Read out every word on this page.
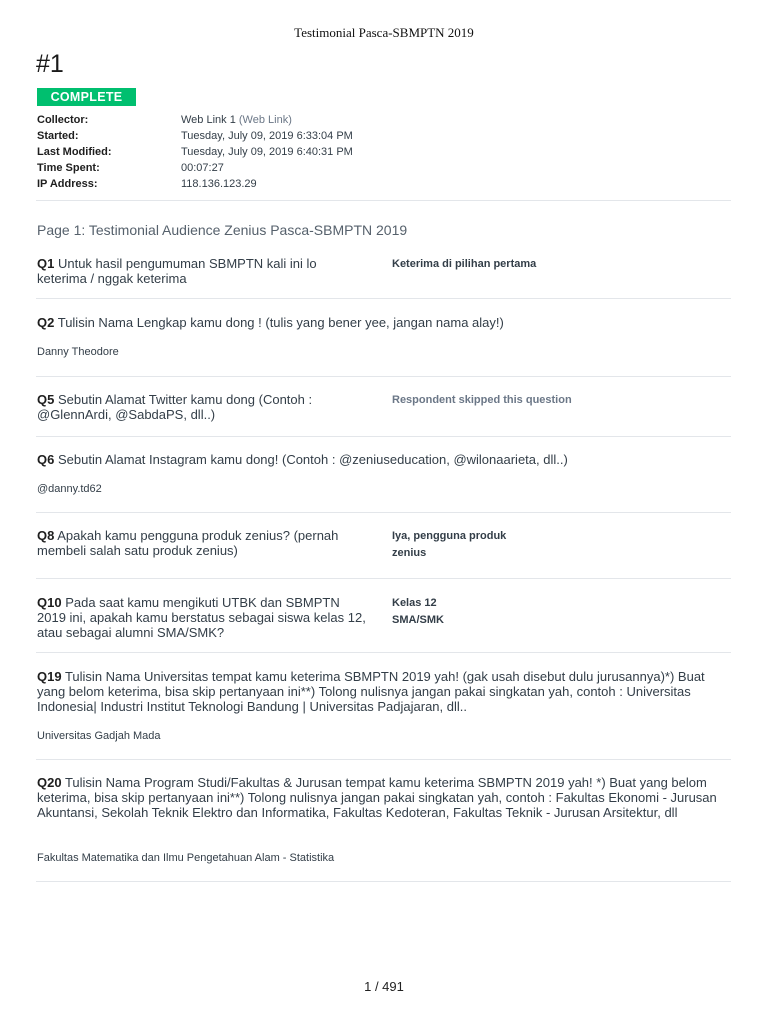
Testimonial Pasca-SBMPTN 2019
#1
COMPLETE
Collector:	Web Link 1 (Web Link)
Started:	Tuesday, July 09, 2019 6:33:04 PM
Last Modified:	Tuesday, July 09, 2019 6:40:31 PM
Time Spent:	00:07:27
IP Address:	118.136.123.29
Page 1: Testimonial Audience Zenius Pasca-SBMPTN 2019
Q1 Untuk hasil pengumuman SBMPTN kali ini lo keterima / nggak keterima
Keterima di pilihan pertama
Q2 Tulisin Nama Lengkap kamu dong ! (tulis yang bener yee, jangan nama alay!)
Danny Theodore
Q5 Sebutin Alamat Twitter kamu dong (Contoh : @GlennArdi, @SabdaPS, dll..)
Respondent skipped this question
Q6 Sebutin Alamat Instagram kamu dong! (Contoh : @zeniuseducation, @wilonaarieta, dll..)
@danny.td62
Q8 Apakah kamu pengguna produk zenius? (pernah membeli salah satu produk zenius)
Iya, pengguna produk
zenius
Q10 Pada saat kamu mengikuti UTBK dan SBMPTN 2019 ini, apakah kamu berstatus sebagai siswa kelas 12, atau sebagai alumni SMA/SMK?
Kelas 12
SMA/SMK
Q19 Tulisin Nama Universitas tempat kamu keterima SBMPTN 2019 yah! (gak usah disebut dulu jurusannya)*) Buat yang belom keterima, bisa skip pertanyaan ini**) Tolong nulisnya jangan pakai singkatan yah, contoh : Universitas Indonesia| Industri Institut Teknologi Bandung | Universitas Padjajaran, dll..
Universitas Gadjah Mada
Q20 Tulisin Nama Program Studi/Fakultas & Jurusan tempat kamu keterima SBMPTN 2019 yah! *) Buat yang belom keterima, bisa skip pertanyaan ini**) Tolong nulisnya jangan pakai singkatan yah, contoh : Fakultas Ekonomi - Jurusan Akuntansi, Sekolah Teknik Elektro dan Informatika, Fakultas Kedoteran, Fakultas Teknik - Jurusan Arsitektur, dll
Fakultas Matematika dan Ilmu Pengetahuan Alam - Statistika
1 / 491
